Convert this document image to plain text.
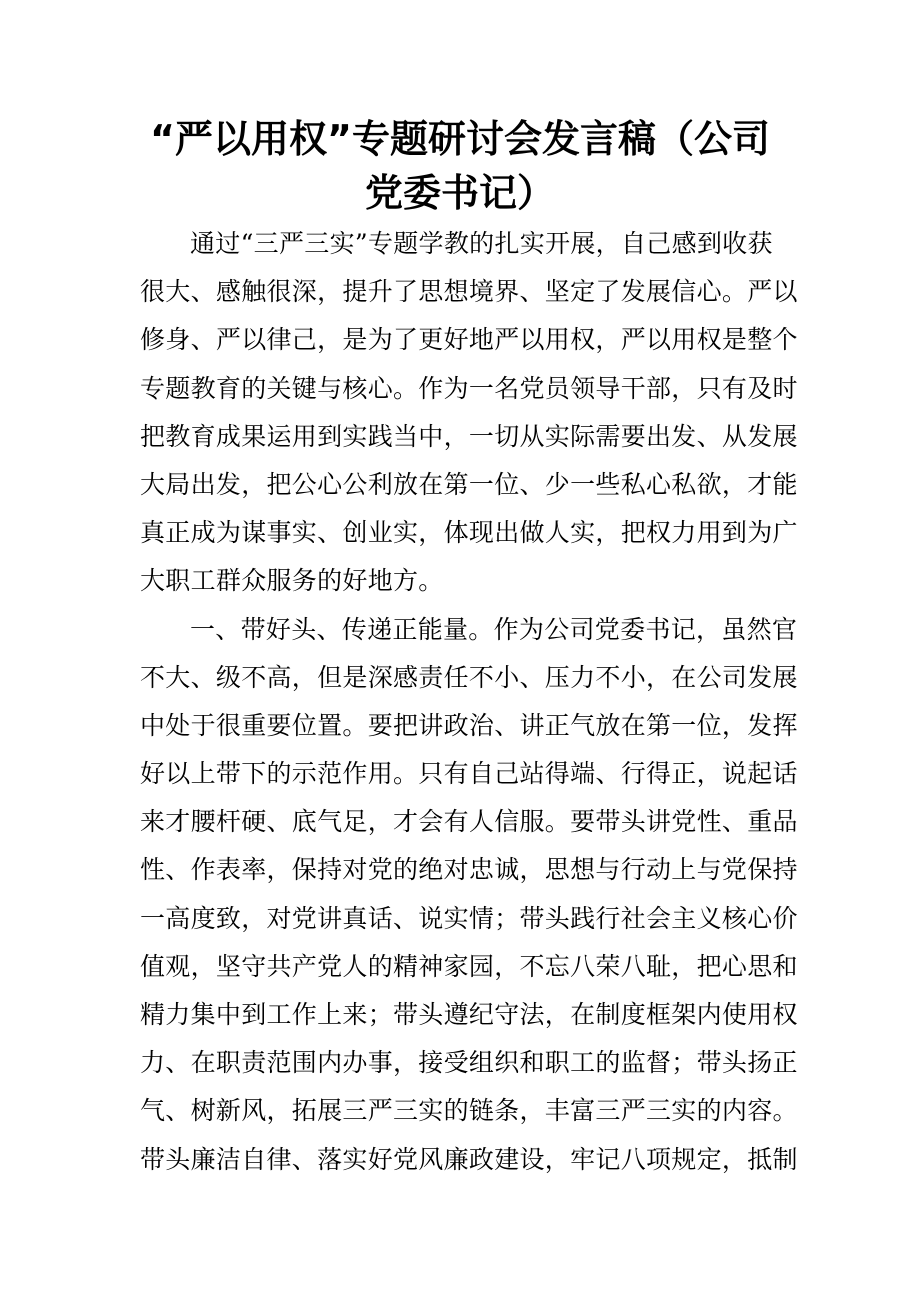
“严以用权”专题研讨会发言稿（公司
党委书记）
通过“三严三实”专题学教的扎实开展，自己感到收获
很大、感触很深，提升了思想境界、坚定了发展信心。严以
修身、严以律己，是为了更好地严以用权，严以用权是整个
专题教育的关键与核心。作为一名党员领导干部，只有及时
把教育成果运用到实践当中，一切从实际需要出发、从发展
大局出发，把公心公利放在第一位、少一些私心私欲，才能
真正成为谋事实、创业实，体现出做人实，把权力用到为广
大职工群众服务的好地方。
一、带好头、传递正能量。作为公司党委书记，虽然官
不大、级不高，但是深感责任不小、压力不小，在公司发展
中处于很重要位置。要把讲政治、讲正气放在第一位，发挥
好以上带下的示范作用。只有自己站得端、行得正，说起话
来才腰杆硬、底气足，才会有人信服。要带头讲党性、重品
性、作表率，保持对党的绝对忠诚，思想与行动上与党保持
一高度致，对党讲真话、说实情；带头践行社会主义核心价
值观，坚守共产党人的精神家园，不忘八荣八耻，把心思和
精力集中到工作上来；带头遵纪守法，在制度框架内使用权
力、在职责范围内办事，接受组织和职工的监督；带头扬正
气、树新风，拓展三严三实的链条，丰富三严三实的内容。
带头廉洁自律、落实好党风廉政建设，牢记八项规定，抵制
